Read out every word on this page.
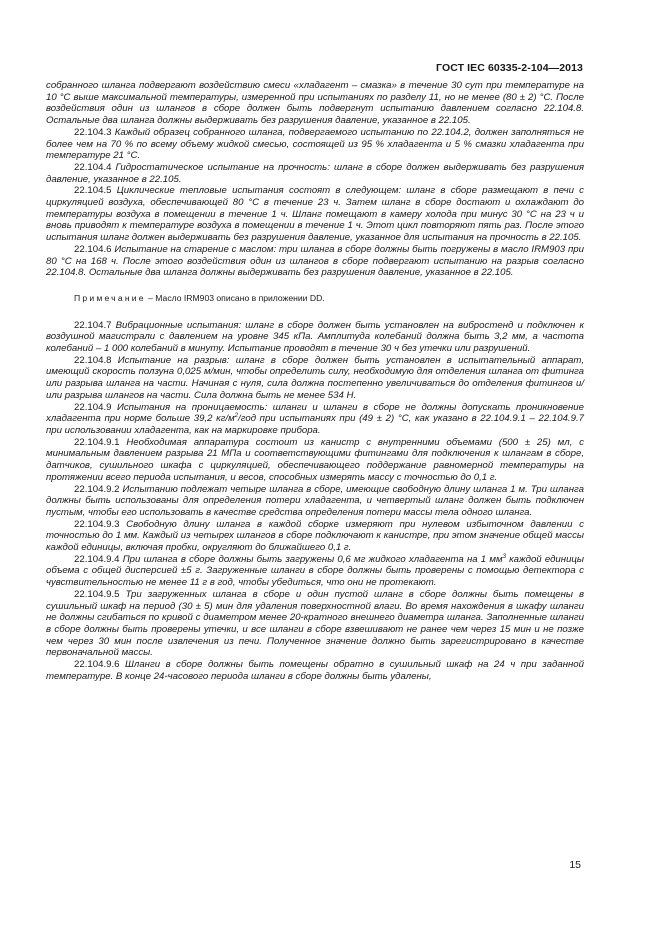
ГОСТ IEC 60335-2-104—2013

собранного шланга подвергают воздействию смеси «хладагент – смазка» в течение 30 сут при температуре на 10 °С выше максимальной температуры, измеренной при испытаниях по разделу 11, но не менее (80 ± 2) °С. После воздействия один из шлангов в сборе должен быть подвергнут испытанию давлением согласно 22.104.8. Остальные два шланга должны выдерживать без разрушения давление, указанное в 22.105.

22.104.3 Каждый образец собранного шланга, подвергаемого испытанию по 22.104.2, должен заполняться не более чем на 70 % по всему объему жидкой смесью, состоящей из 95 % хладагента и 5 % смазки хладагента при температуре 21 °С.

22.104.4 Гидростатическое испытание на прочность: шланг в сборе должен выдерживать без разрушения давление, указанное в 22.105.

22.104.5 Циклические тепловые испытания состоят в следующем: шланг в сборе размещают в печи с циркуляцией воздуха, обеспечивающей 80 °С в течение 23 ч. Затем шланг в сборе достают и охлаждают до температуры воздуха в помещении в течение 1 ч. Шланг помещают в камеру холода при минус 30 °С на 23 ч и вновь приводят к температуре воздуха в помещении в течение 1 ч. Этот цикл повторяют пять раз. После этого испытания шланг должен выдерживать без разрушения давление, указанное для испытания на прочность в 22.105.

22.104.6 Испытание на старение с маслом: три шланга в сборе должны быть погружены в масло IRM903 при 80 °С на 168 ч. После этого воздействия один из шлангов в сборе подвергают испытанию на разрыв согласно 22.104.8. Остальные два шланга должны выдерживать без разрушения давление, указанное в 22.105.

Примечание – Масло IRM903 описано в приложении DD.

22.104.7 Вибрационные испытания: шланг в сборе должен быть установлен на вибростенд и подключен к воздушной магистрали с давлением на уровне 345 кПа. Амплитуда колебаний должна быть 3,2 мм, а частота колебаний – 1 000 колебаний в минуту. Испытание проводят в течение 30 ч без утечки или разрушений.

22.104.8 Испытание на разрыв: шланг в сборе должен быть установлен в испытательный аппарат, имеющий скорость ползуна 0,025 м/мин, чтобы определить силу, необходимую для отделения шланга от фитинга или разрыва шланга на части. Начиная с нуля, сила должна постепенно увеличиваться до отделения фитингов и/или разрыва шлангов на части. Сила должна быть не менее 534 Н.

22.104.9 Испытания на проницаемость: шланги и шланги в сборе не должны допускать проникновение хладагента при норме больше 39,2 $кг/м^2$/год при испытаниях при (49 ± 2) °С, как указано в 22.104.9.1 – 22.104.9.7 при использовании хладагента, как на маркировке прибора.

22.104.9.1 Необходимая аппаратура состоит из канистр с внутренними объемами (500 ± 25) мл, с минимальным давлением разрыва 21 МПа и соответствующими фитингами для подключения к шлангам в сборе, датчиков, сушильного шкафа с циркуляцией, обеспечивающего поддержание равномерной температуры на протяжении всего периода испытания, и весов, способных измерять массу с точностью до 0,1 г.

22.104.9.2 Испытанию подлежат четыре шланга в сборе, имеющие свободную длину шланга 1 м. Три шланга должны быть использованы для определения потери хладагента, и четвертый шланг должен быть подключен пустым, чтобы его использовать в качестве средства определения потери массы тела одного шланга.

22.104.9.3 Свободную длину шланга в каждой сборке измеряют при нулевом избыточном давлении с точностью до 1 мм. Каждый из четырех шлангов в сборе подключают к канистре, при этом значение общей массы каждой единицы, включая пробки, округляют до ближайшего 0,1 г.

22.104.9.4 При шланга в сборе должны быть загружены 0,6 мг жидкого хладагента на 1 $мм^3$ каждой единицы объема с общей дисперсией ±5 г. Загруженные шланги в сборе должны быть проверены с помощью детектора с чувствительностью не менее 11 г в год, чтобы убедиться, что они не протекают.

22.104.9.5 Три загруженных шланга в сборе и один пустой шланг в сборе должны быть помещены в сушильный шкаф на период (30 ± 5) мин для удаления поверхностной влаги. Во время нахождения в шкафу шланги не должны сгибаться по кривой с диаметром менее 20-кратного внешнего диаметра шланга. Заполненные шланги в сборе должны быть проверены утечки, и все шланги в сборе взвешивают не ранее чем через 15 мин и не позже чем через 30 мин после извлечения из печи. Полученное значение должно быть зарегистрировано в качестве первоначальной массы.

22.104.9.6 Шланги в сборе должны быть помещены обратно в сушильный шкаф на 24 ч при заданной температуре. В конце 24-часового периода шланги в сборе должны быть удалены,

15
